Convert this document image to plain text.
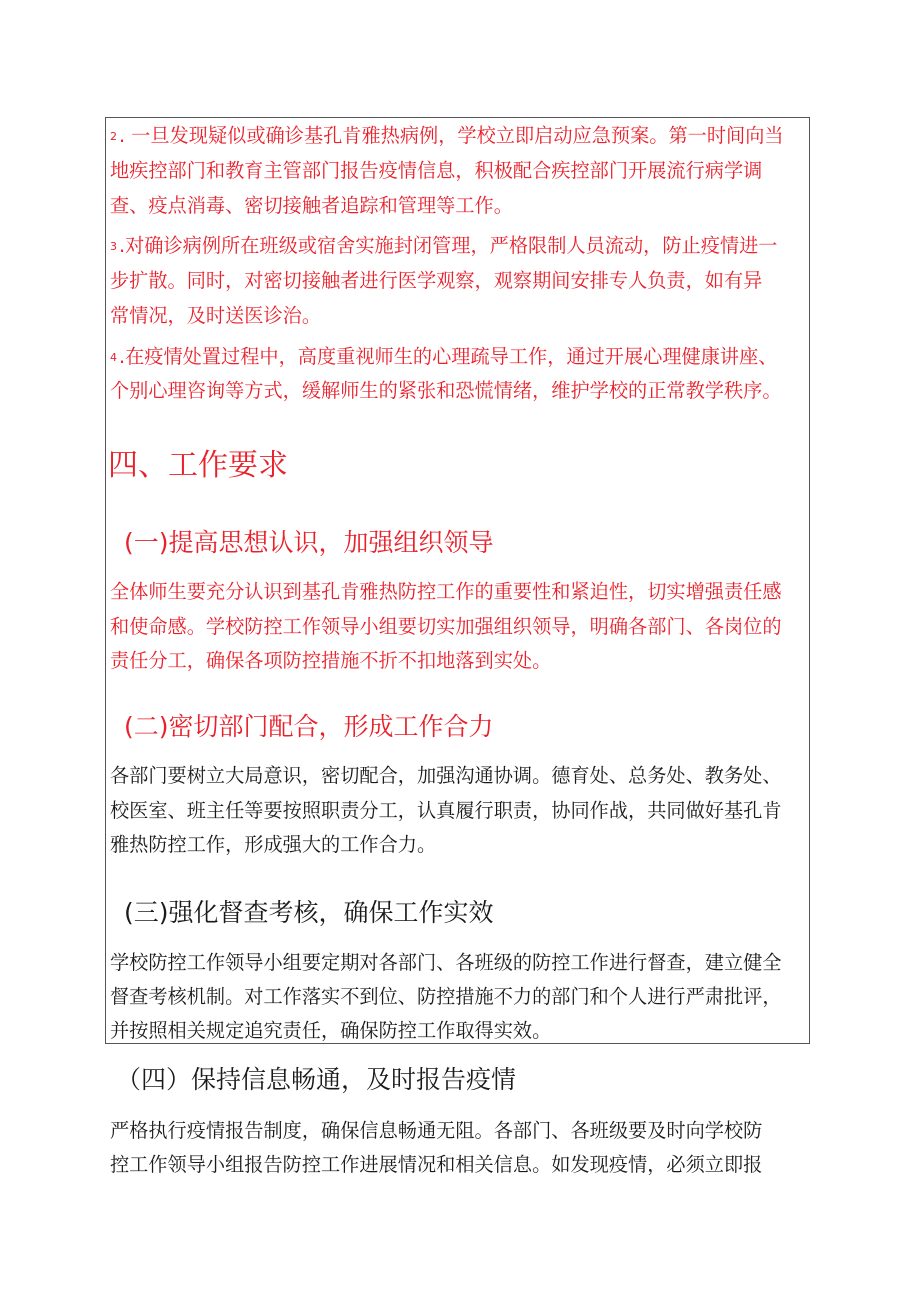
2 . 一旦发现疑似或确诊基孔肯雅热病例，学校立即启动应急预案。第一时间向当
地疾控部门和教育主管部门报告疫情信息，积极配合疾控部门开展流行病学调
查、疫点消毒、密切接触者追踪和管理等工作。
3 .对确诊病例所在班级或宿舍实施封闭管理，严格限制人员流动，防止疫情进一
步扩散。同时，对密切接触者进行医学观察，观察期间安排专人负责，如有异
常情况，及时送医诊治。
4 .在疫情处置过程中，高度重视师生的心理疏导工作，通过开展心理健康讲座、
个别心理咨询等方式，缓解师生的紧张和恐慌情绪，维护学校的正常教学秩序。
四、工作要求
(一)提高思想认识，加强组织领导
全体师生要充分认识到基孔肯雅热防控工作的重要性和紧迫性，切实增强责任感
和使命感。学校防控工作领导小组要切实加强组织领导，明确各部门、各岗位的
责任分工，确保各项防控措施不折不扣地落到实处。
(二)密切部门配合，形成工作合力
各部门要树立大局意识，密切配合，加强沟通协调。德育处、总务处、教务处、
校医室、班主任等要按照职责分工，认真履行职责，协同作战，共同做好基孔肯
雅热防控工作，形成强大的工作合力。
(三)强化督查考核，确保工作实效
学校防控工作领导小组要定期对各部门、各班级的防控工作进行督查，建立健全
督查考核机制。对工作落实不到位、防控措施不力的部门和个人进行严肃批评，
并按照相关规定追究责任，确保防控工作取得实效。
（四）保持信息畅通，及时报告疫情
严格执行疫情报告制度，确保信息畅通无阻。各部门、各班级要及时向学校防
控工作领导小组报告防控工作进展情况和相关信息。如发现疫情，必须立即报
